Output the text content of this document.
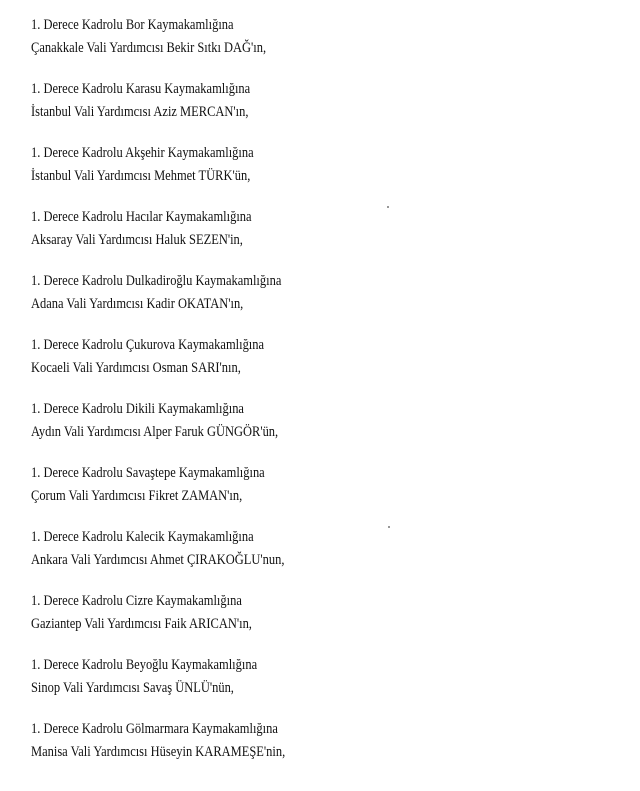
1. Derece Kadrolu Bor Kaymakamlığına
Çanakkale Vali Yardımcısı Bekir Sıtkı DAĞ'ın,
1. Derece Kadrolu Karasu Kaymakamlığına
İstanbul Vali Yardımcısı Aziz MERCAN'ın,
1. Derece Kadrolu Akşehir Kaymakamlığına
İstanbul Vali Yardımcısı Mehmet TÜRK'ün,
1. Derece Kadrolu Hacılar Kaymakamlığına
Aksaray Vali Yardımcısı Haluk SEZEN'in,
1. Derece Kadrolu Dulkadiroğlu Kaymakamlığına
Adana Vali Yardımcısı Kadir OKATAN'ın,
1. Derece Kadrolu Çukurova Kaymakamlığına
Kocaeli Vali Yardımcısı Osman SARI'nın,
1. Derece Kadrolu Dikili Kaymakamlığına
Aydın Vali Yardımcısı Alper Faruk GÜNGÖR'ün,
1. Derece Kadrolu Savaştepe Kaymakamlığına
Çorum Vali Yardımcısı Fikret ZAMAN'ın,
1. Derece Kadrolu Kalecik Kaymakamlığına
Ankara Vali Yardımcısı Ahmet ÇIRAKOĞLU'nun,
1. Derece Kadrolu Cizre Kaymakamlığına
Gaziantep Vali Yardımcısı Faik ARICAN'ın,
1. Derece Kadrolu Beyoğlu Kaymakamlığına
Sinop Vali Yardımcısı Savaş ÜNLÜ'nün,
1. Derece Kadrolu Gölmarmara Kaymakamlığına
Manisa Vali Yardımcısı Hüseyin KARAMEŞE'nin,
